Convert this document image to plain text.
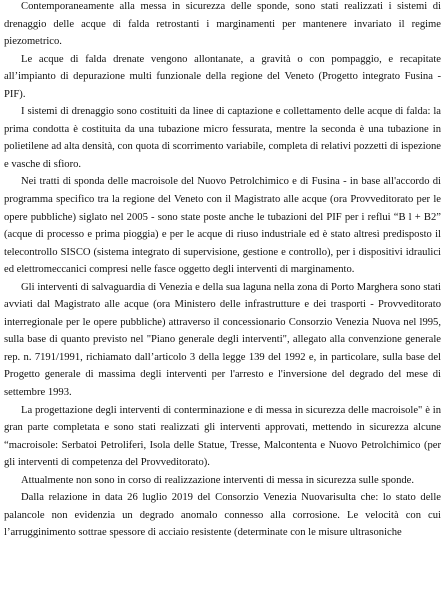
Contemporaneamente alla messa in sicurezza delle sponde, sono stati realizzati i sistemi di drenaggio delle acque di falda retrostanti i marginamenti per mantenere invariato il regime piezometrico.

Le acque di falda drenate vengono allontanate, a gravità o con pompaggio, e recapitate all’impianto di depurazione multi funzionale della regione del Veneto (Progetto integrato Fusina - PIF).

I sistemi di drenaggio sono costituiti da linee di captazione e collettamento delle acque di falda: la prima condotta è costituita da una tubazione micro fessurata, mentre la seconda è una tubazione in polietilene ad alta densità, con quota di scorrimento variabile, completa di relativi pozzetti di ispezione e vasche di sfioro.

Nei tratti di sponda delle macroisole del Nuovo Petrolchimico e di Fusina - in base all'accordo di programma specifico tra la regione del Veneto con il Magistrato alle acque (ora Provveditorato per le opere pubbliche) siglato nel 2005 - sono state poste anche le tubazioni del PIF per i reflui “B l + B2” (acque di processo e prima pioggia) e per le acque di riuso industriale ed è stato altresì predisposto il telecontrollo SISCO (sistema integrato di supervisione, gestione e controllo), per i dispositivi idraulici ed elettromeccanici compresi nelle fasce oggetto degli interventi di marginamento.

Gli interventi di salvaguardia di Venezia e della sua laguna nella zona di Porto Marghera sono stati avviati dal Magistrato alle acque (ora Ministero delle infrastrutture e dei trasporti - Provveditorato interregionale per le opere pubbliche) attraverso il concessionario Consorzio Venezia Nuova nel l995, sulla base di quanto previsto nel "Piano generale degli interventi", allegato alla convenzione generale rep. n. 7191/1991, richiamato dall’articolo 3 della legge 139 del 1992 e, in particolare, sulla base del Progetto generale di massima degli interventi per l'arresto e l'inversione del degrado del mese di settembre 1993.

La progettazione degli interventi di conterminazione e di messa in sicurezza delle macroisole" è in gran parte completata e sono stati realizzati gli interventi approvati, mettendo in sicurezza alcune “macroisole: Serbatoi Petroliferi, Isola delle Statue, Tresse, Malcontenta e Nuovo Petrolchimico (per gli interventi di competenza del Provveditorato).

Attualmente non sono in corso di realizzazione interventi di messa in sicurezza sulle sponde.

Dalla relazione in data 26 luglio 2019 del Consorzio Venezia Nuovarisulta che: lo stato delle palancole non evidenzia un degrado anomalo connesso alla corrosione. Le velocità con cui l’arrugginimento sottrae spessore di acciaio resistente (determinate con le misure ultrasoniche
